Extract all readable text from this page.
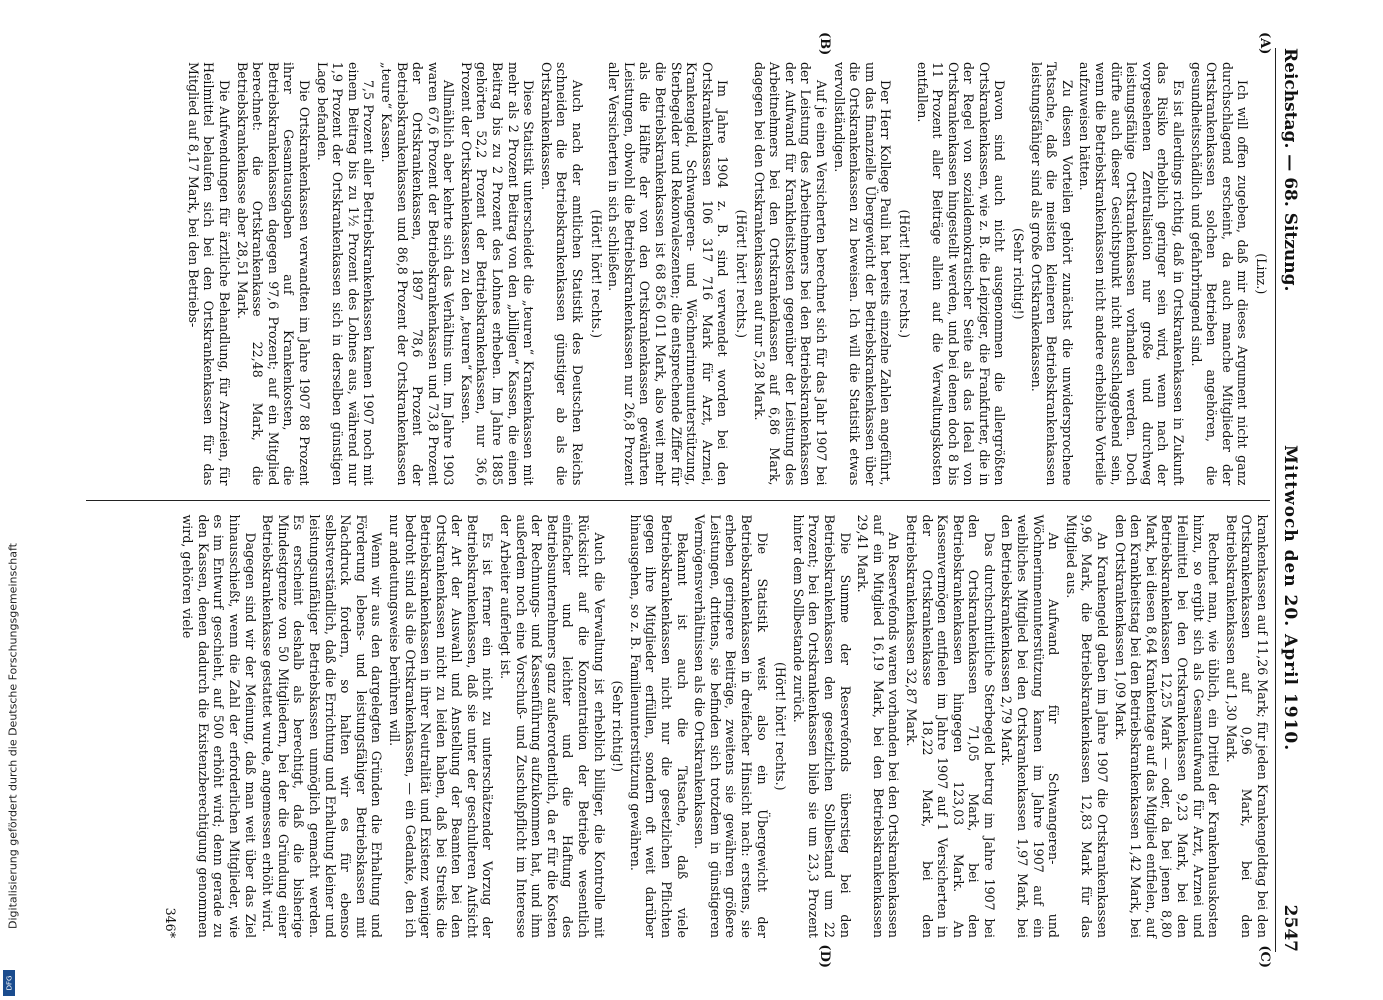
Reichstag. — 68. Sitzung.
Mittwoch den 20. April 1910.
2547
(A)
(B)
(C)
(D)

(Linz.)

Ich will offen zugeben, daß mir dieses Argument nicht ganz durchschlagend erscheint, da auch manche Mitglieder der Ortskrankenkassen solchen Betrieben angehören, die gesundheitsschädlich und gefahrbringend sind.

Es ist allerdings richtig, daß in Ortskrankenkassen in Zukunft das Risiko erheblich geringer sein wird, wenn nach der vorgesehenen Zentralisation nur große und durchweg leistungsfähige Ortskrankenkassen vorhanden werden. Doch dürfte auch dieser Gesichtspunkt nicht ausschlaggebend sein, wenn die Betriebskrankenkassen nicht andere erhebliche Vorteile aufzuweisen hätten.

Zu diesen Vorteilen gehört zunächst die unwidersprochene Tatsache, daß die meisten kleineren Betriebskrankenkassen leistungsfähiger sind als große Ortskrankenkassen.

(Sehr richtig!)

Davon sind auch nicht ausgenommen die allergrößten Ortskrankenkassen, wie z. B. die Leipziger, die Frankfurter, die in der Regel von sozialdemokratischer Seite als das Ideal von Ortskrankenkassen hingestellt werden, und bei denen doch 8 bis 11 Prozent aller Beiträge allein auf die Verwaltungskosten entfallen.

(Hört! hört! rechts.)

Der Herr Kollege Pauli hat bereits einzelne Zahlen angeführt, um das finanzielle Übergewicht der Betriebskrankenkassen über die Ortskrankenkassen zu beweisen. Ich will die Statistik etwas vervollständigen.

Auf je einen Versicherten berechnet sich für das Jahr 1907 bei der Leistung des Arbeitnehmers bei den Betriebskrankenkassen der Aufwand für Krankheitskosten gegenüber der Leistung des Arbeitnehmers bei den Ortskrankenkassen auf 6,86 Mark, dagegen bei den Ortskrankenkassen auf nur 5,28 Mark.

(Hört! hört! rechts.)

Im Jahre 1904 z. B. sind verwendet worden bei den Ortskrankenkassen 106 317 716 Mark für Arzt, Arznei, Krankengeld, Schwangeren- und Wöchnerinnenunterstützung, Sterbegelder und Rekonvaleszenten; die entsprechende Ziffer für die Betriebskrankenkassen ist 68 856 011 Mark, also weit mehr als die Hälfte der von den Ortskrankenkassen gewährten Leistungen, obwohl die Betriebskrankenkassen nur 26,8 Prozent aller Versicherten in sich schließen.

(Hört! hört! rechts.)

Auch nach der amtlichen Statistik des Deutschen Reichs schneiden die Betriebskrankenkassen günstiger ab als die Ortskrankenkassen.

Diese Statistik unterscheidet die „teuren“ Krankenkassen mit mehr als 2 Prozent Beitrag von den „billigen“ Kassen, die einen Beitrag bis zu 2 Prozent des Lohnes erheben. Im Jahre 1885 gehörten 52,2 Prozent der Betriebskrankenkassen, nur 36,6 Prozent der Ortskrankenkassen zu den „teuren“ Kassen.

Allmählich aber kehrte sich das Verhältnis um. Im Jahre 1903 waren 67,6 Prozent der Betriebskrankenkassen und 73,8 Prozent der Ortskrankenkassen, 1897 78,6 Prozent der Betriebskrankenkassen und 86,8 Prozent der Ortskrankenkassen „teure“ Kassen.

7,5 Prozent aller Betriebskrankenkassen kamen 1907 noch mit einem Beitrag bis zu 1½ Prozent des Lohnes aus, während nur 1,9 Prozent der Ortskrankenkassen sich in derselben günstigen Lage befanden.

Die Ortskrankenkassen verwandten im Jahre 1907 88 Prozent ihrer Gesamtausgaben auf Krankenkosten, die Betriebskrankenkassen dagegen 97,6 Prozent; auf ein Mitglied berechnet: die Ortskrankenkasse 22,48 Mark, die Betriebskrankenkasse aber 28,51 Mark.

Die Aufwendungen für ärztliche Behandlung, für Arzneien, für Heilmittel belaufen sich bei den Ortskrankenkassen für das Mitglied auf 8,17 Mark, bei den Betriebs-

krankenkassen auf 11,26 Mark; für jeden Krankengeldtag bei den Ortskrankenkassen auf 0,96 Mark, bei den Betriebskrankenkassen auf 1,30 Mark.

Rechnet man, wie üblich, ein Drittel der Krankenhauskosten hinzu, so ergibt sich als Gesamtaufwand für Arzt, Arznei und Heilmittel bei den Ortskrankenkassen 9,23 Mark, bei den Betriebskrankenkassen 12,25 Mark — oder, da bei jenen 8,80 Mark, bei diesen 8,64 Krankentage auf das Mitglied entfielen, auf den Krankheitstag bei den Betriebskrankenkassen 1,42 Mark, bei den Ortskrankenkassen 1,09 Mark.

An Krankengeld gaben im Jahre 1907 die Ortskrankenkassen 9,96 Mark, die Betriebskrankenkassen 12,83 Mark für das Mitglied aus.

An Aufwand für Schwangeren- und Wöchnerinnenunterstützung kamen im Jahre 1907 auf ein weibliches Mitglied bei den Ortskrankenkassen 1,97 Mark, bei den Betriebskrankenkassen 2,79 Mark.

Das durchschnittliche Sterbegeld betrug im Jahre 1907 bei den Ortskrankenkassen 71,05 Mark, bei den Betriebskrankenkassen hingegen 123,03 Mark. An Kassenvermögen entfielen im Jahre 1907 auf 1 Versicherten in der Ortskrankenkasse 18,22 Mark, bei den Betriebskrankenkassen 32,87 Mark.

An Reservefonds waren vorhanden bei den Ortskrankenkassen auf ein Mitglied 16,19 Mark, bei den Betriebskrankenkassen 29,41 Mark.

Die Summe der Reservefonds überstieg bei den Betriebskrankenkassen den gesetzlichen Sollbestand um 22 Prozent; bei den Ortskrankenkassen blieb sie um 23,3 Prozent hinter dem Sollbestande zurück.

(Hört! hört! rechts.)

Die Statistik weist also ein Übergewicht der Betriebskrankenkassen in dreifacher Hinsicht nach: erstens, sie erheben geringere Beiträge, zweitens sie gewähren größere Leistungen, drittens, sie befinden sich trotzdem in günstigeren Vermögensverhältnissen als die Ortskrankenkassen.

Bekannt ist auch die Tatsache, daß viele Betriebskrankenkassen nicht nur die gesetzlichen Pflichten gegen ihre Mitglieder erfüllen, sondern oft weit darüber hinausgehen, so z. B. Familienunterstützung gewähren.

(Sehr richtig!)

Auch die Verwaltung ist erheblich billiger, die Kontrolle mit Rücksicht auf die Konzentration der Betriebe wesentlich einfacher und leichter und die Haftung des Betriebsunternehmers ganz außerordentlich, da er für die Kosten der Rechnungs- und Kassenführung aufzukommen hat, und ihm außerdem noch eine Vorschuß- und Zuschußpflicht im Interesse der Arbeiter auferlegt ist.

Es ist ferner ein nicht zu unterschätzender Vorzug der Betriebskrankenkassen, daß sie unter der geschulteren Aufsicht der Art der Auswahl und Anstellung der Beamten bei den Ortskrankenkassen nicht zu leiden haben, daß bei Streiks die Betriebskrankenkassen in ihrer Neutralität und Existenz weniger bedroht sind als die Ortskrankenkassen, — ein Gedanke, den ich nur andeutungsweise berühren will.

Wenn wir aus den dargelegten Gründen die Erhaltung und Förderung lebens- und leistungsfähiger Betriebskassen mit Nachdruck fordern, so halten wir es für ebenso selbstverständlich, daß die Errichtung und Erhaltung kleiner und leistungsunfähiger Betriebskassen unmöglich gemacht werden. Es erscheint deshalb als berechtigt, daß die bisherige Mindestgrenze von 50 Mitgliedern, bei der die Gründung einer Betriebskrankenkasse gestattet wurde, angemessen erhöht wird.

Dagegen sind wir der Meinung, daß man weit über das Ziel hinausschießt, wenn die Zahl der erforderlichen Mitglieder, wie es im Entwurf geschieht, auf 500 erhöht wird; denn gerade zu den Kassen, denen dadurch die Existenzberechtigung genommen wird, gehören viele

346*

Digitalisierung gefördert durch die Deutsche Forschungsgemeinschaft
DFG
